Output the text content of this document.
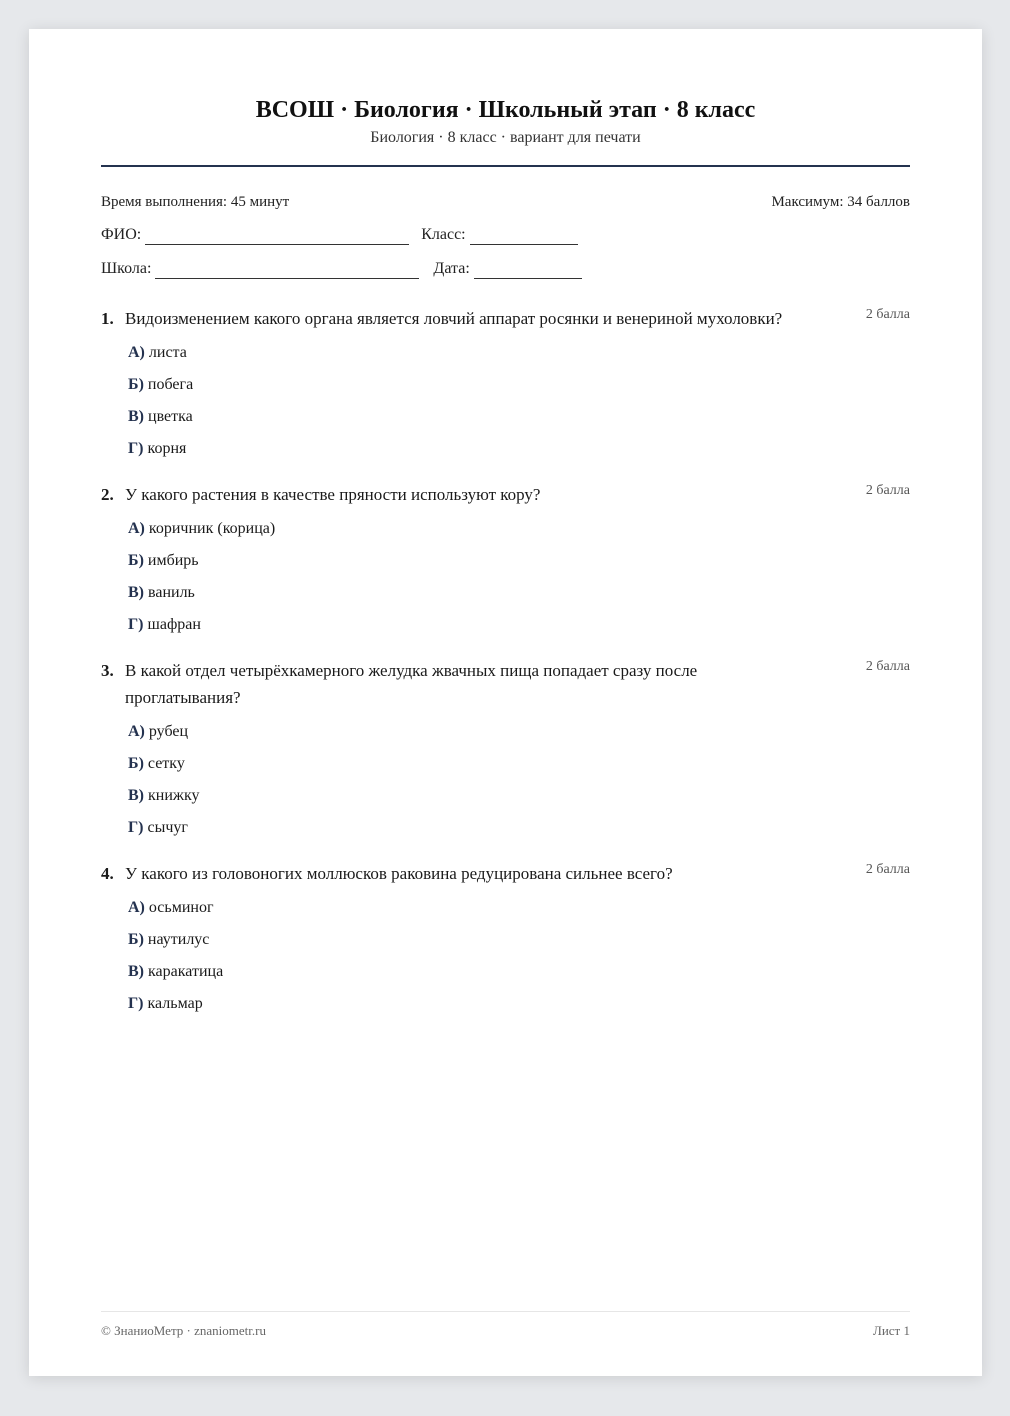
ВСОШ · Биология · Школьный этап · 8 класс
Биология · 8 класс · вариант для печати
Время выполнения: 45 минут	Максимум: 34 баллов
ФИО:	Класс:
Школа:	Дата:
1. Видоизменением какого органа является ловчий аппарат росянки и венериной мухоловки?	2 балла
А) листа
Б) побега
В) цветка
Г) корня
2. У какого растения в качестве пряности используют кору?	2 балла
А) коричник (корица)
Б) имбирь
В) ваниль
Г) шафран
3. В какой отдел четырёхкамерного желудка жвачных пища попадает сразу после проглатывания?
2 балла
А) рубец
Б) сетку
В) книжку
Г) сычуг
4. У какого из головоногих моллюсков раковина редуцирована сильнее всего?	2 балла
А) осьминог
Б) наутилус
В) каракатица
Г) кальмар
© ЗнаниоМетр · znaniometr.ru	Лист 1
